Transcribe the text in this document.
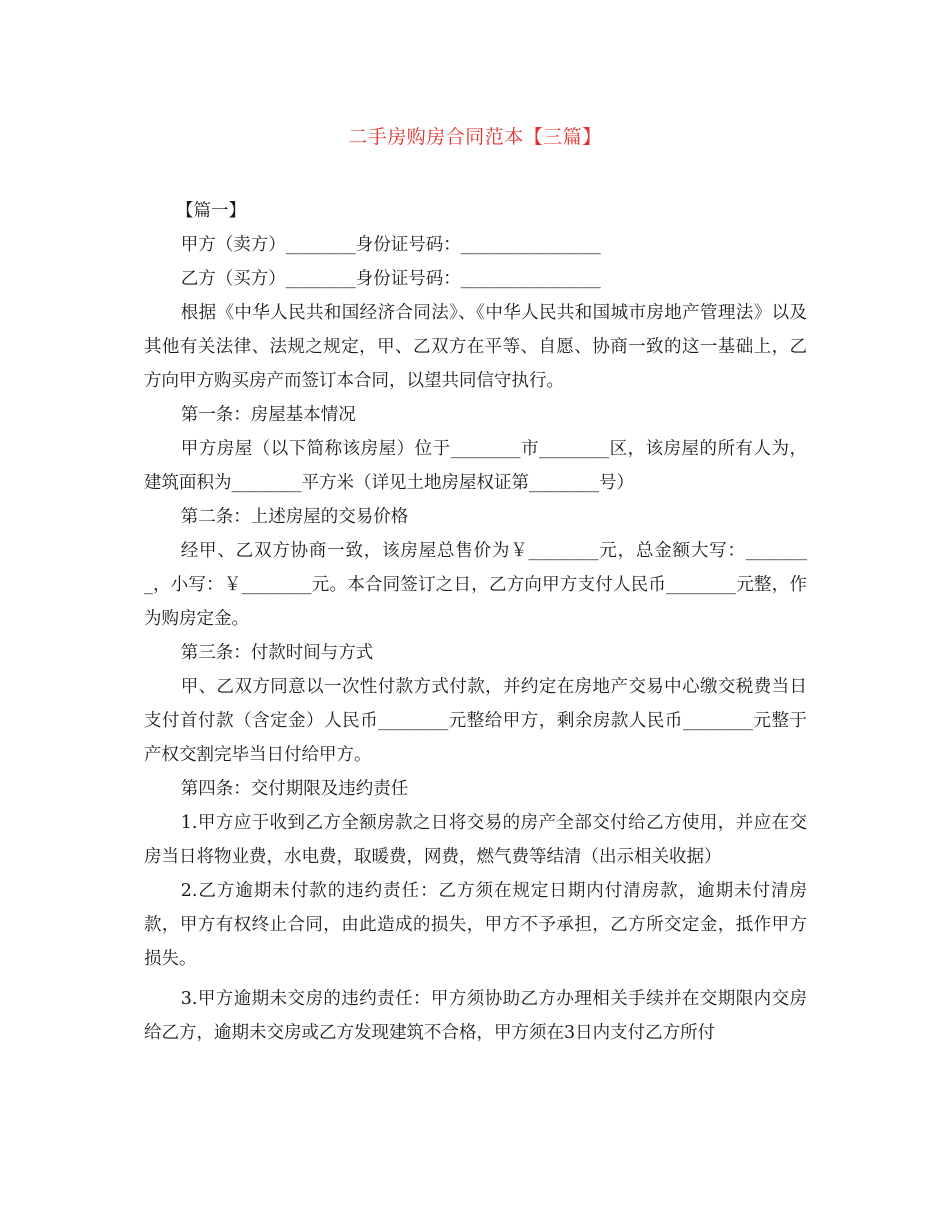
二手房购房合同范本【三篇】

【篇一】

甲方（卖方）________身份证号码：________________

乙方（买方）________身份证号码：________________

根据《中华人民共和国经济合同法》、《中华人民共和国城市房地产管理法》以及其他有关法律、法规之规定，甲、乙双方在平等、自愿、协商一致的这一基础上，乙方向甲方购买房产而签订本合同，以望共同信守执行。

第一条：房屋基本情况

甲方房屋（以下简称该房屋）位于________市________区，该房屋的所有人为，建筑面积为________平方米（详见土地房屋权证第________号）

第二条：上述房屋的交易价格

经甲、乙双方协商一致，该房屋总售价为￥________元，总金额大写：________，小写：￥________元。本合同签订之日，乙方向甲方支付人民币________元整，作为购房定金。

第三条：付款时间与方式

甲、乙双方同意以一次性付款方式付款，并约定在房地产交易中心缴交税费当日支付首付款（含定金）人民币________元整给甲方，剩余房款人民币________元整于产权交割完毕当日付给甲方。

第四条：交付期限及违约责任

1.甲方应于收到乙方全额房款之日将交易的房产全部交付给乙方使用，并应在交房当日将物业费，水电费，取暖费，网费，燃气费等结清（出示相关收据）

2.乙方逾期未付款的违约责任：乙方须在规定日期内付清房款，逾期未付清房款，甲方有权终止合同，由此造成的损失，甲方不予承担，乙方所交定金，抵作甲方损失。

3.甲方逾期未交房的违约责任：甲方须协助乙方办理相关手续并在交期限内交房给乙方，逾期未交房或乙方发现建筑不合格，甲方须在3日内支付乙方所付
